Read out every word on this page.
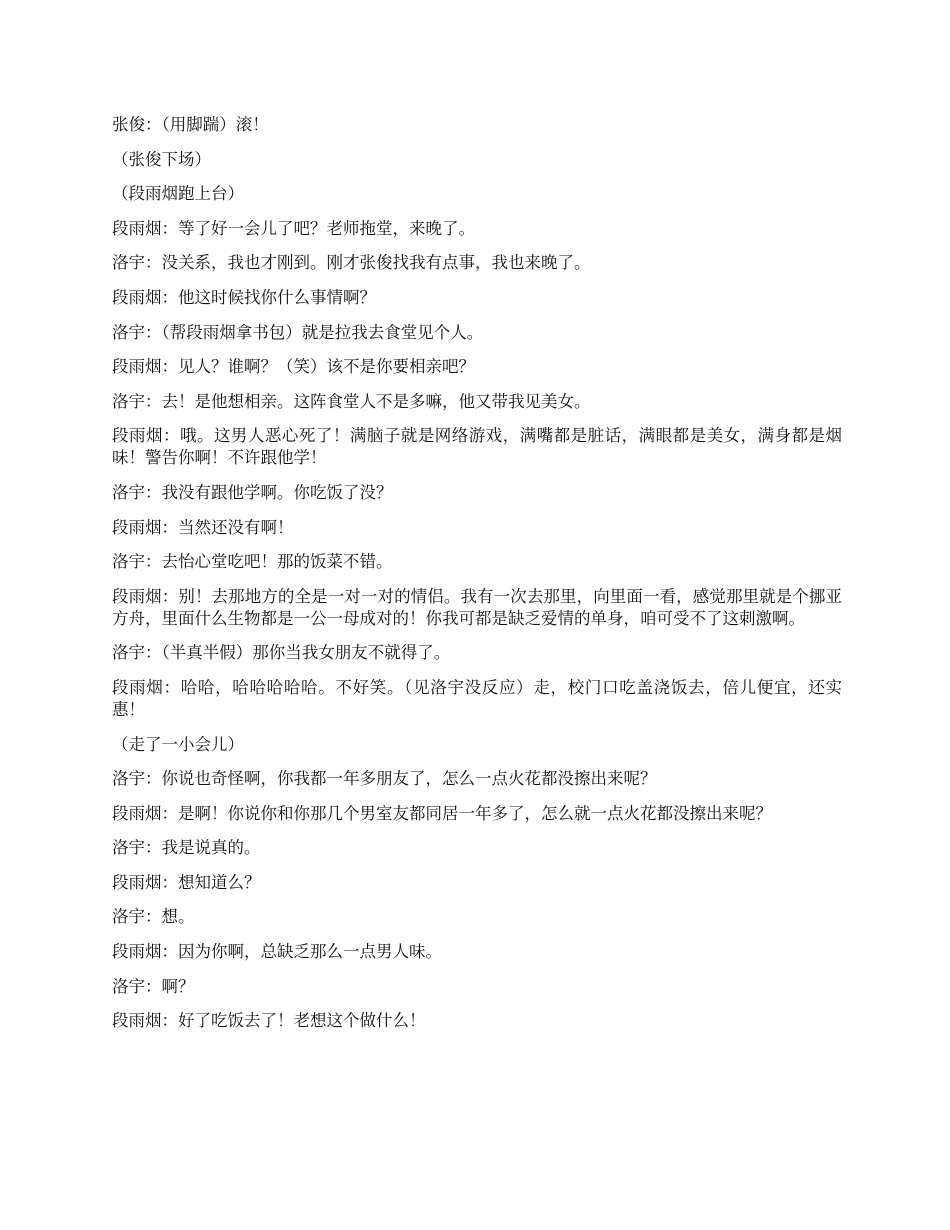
张俊：（用脚踹）滚！

（张俊下场）

（段雨烟跑上台）

段雨烟：等了好一会儿了吧？老师拖堂，来晚了。

洛宇：没关系，我也才刚到。刚才张俊找我有点事，我也来晚了。

段雨烟：他这时候找你什么事情啊？

洛宇：（帮段雨烟拿书包）就是拉我去食堂见个人。

段雨烟：见人？谁啊？（笑）该不是你要相亲吧？

洛宇：去！是他想相亲。这阵食堂人不是多嘛，他又带我见美女。

段雨烟：哦。这男人恶心死了！满脑子就是网络游戏，满嘴都是脏话，满眼都是美女，满身都是烟味！警告你啊！不许跟他学！

洛宇：我没有跟他学啊。你吃饭了没？

段雨烟：当然还没有啊！

洛宇：去怡心堂吃吧！那的饭菜不错。

段雨烟：别！去那地方的全是一对一对的情侣。我有一次去那里，向里面一看，感觉那里就是个挪亚方舟，里面什么生物都是一公一母成对的！你我可都是缺乏爱情的单身，咱可受不了这刺激啊。

洛宇：（半真半假）那你当我女朋友不就得了。

段雨烟：哈哈，哈哈哈哈哈。不好笑。（见洛宇没反应）走，校门口吃盖浇饭去，倍儿便宜，还实惠！

（走了一小会儿）

洛宇：你说也奇怪啊，你我都一年多朋友了，怎么一点火花都没擦出来呢？

段雨烟：是啊！你说你和你那几个男室友都同居一年多了，怎么就一点火花都没擦出来呢？

洛宇：我是说真的。

段雨烟：想知道么？

洛宇：想。

段雨烟：因为你啊，总缺乏那么一点男人味。

洛宇：啊？

段雨烟：好了吃饭去了！老想这个做什么！
